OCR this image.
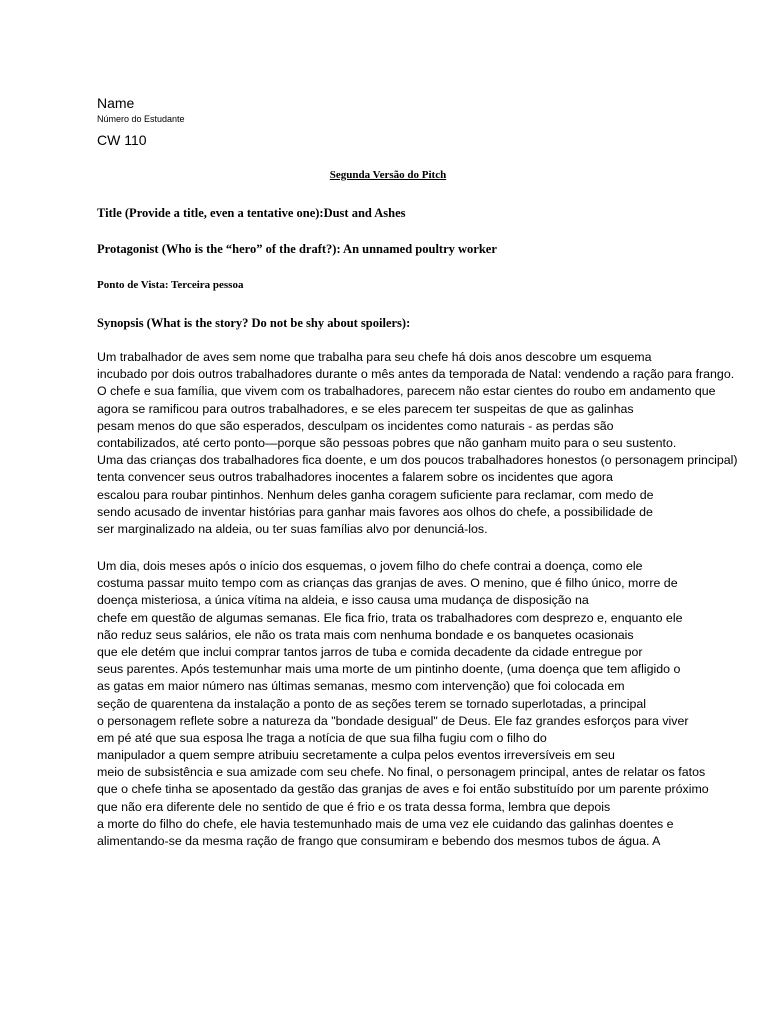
Name
Número do Estudante
CW 110
Segunda Versão do Pitch
Title (Provide a title, even a tentative one):Dust and Ashes
Protagonist (Who is the “hero” of the draft?): An unnamed poultry worker
Ponto de Vista: Terceira pessoa
Synopsis (What is the story? Do not be shy about spoilers):
Um trabalhador de aves sem nome que trabalha para seu chefe há dois anos descobre um esquema
incubado por dois outros trabalhadores durante o mês antes da temporada de Natal: vendendo a ração para frango.
O chefe e sua família, que vivem com os trabalhadores, parecem não estar cientes do roubo em andamento que
agora se ramificou para outros trabalhadores, e se eles parecem ter suspeitas de que as galinhas
pesam menos do que são esperados, desculpam os incidentes como naturais - as perdas são
contabilizados, até certo ponto—porque são pessoas pobres que não ganham muito para o seu sustento.
Uma das crianças dos trabalhadores fica doente, e um dos poucos trabalhadores honestos (o personagem principal)
tenta convencer seus outros trabalhadores inocentes a falarem sobre os incidentes que agora
escalou para roubar pintinhos. Nenhum deles ganha coragem suficiente para reclamar, com medo de
sendo acusado de inventar histórias para ganhar mais favores aos olhos do chefe, a possibilidade de
ser marginalizado na aldeia, ou ter suas famílias alvo por denunciá-los.
Um dia, dois meses após o início dos esquemas, o jovem filho do chefe contrai a doença, como ele
costuma passar muito tempo com as crianças das granjas de aves. O menino, que é filho único, morre de
doença misteriosa, a única vítima na aldeia, e isso causa uma mudança de disposição na
chefe em questão de algumas semanas. Ele fica frio, trata os trabalhadores com desprezo e, enquanto ele
não reduz seus salários, ele não os trata mais com nenhuma bondade e os banquetes ocasionais
que ele detém que inclui comprar tantos jarros de tuba e comida decadente da cidade entregue por
seus parentes. Após testemunhar mais uma morte de um pintinho doente, (uma doença que tem afligido o
as gatas em maior número nas últimas semanas, mesmo com intervenção) que foi colocada em
seção de quarentena da instalação a ponto de as seções terem se tornado superlotadas, a principal
o personagem reflete sobre a natureza da "bondade desigual" de Deus. Ele faz grandes esforços para viver
em pé até que sua esposa lhe traga a notícia de que sua filha fugiu com o filho do
manipulador a quem sempre atribuiu secretamente a culpa pelos eventos irreversíveis em seu
meio de subsistência e sua amizade com seu chefe. No final, o personagem principal, antes de relatar os fatos
que o chefe tinha se aposentado da gestão das granjas de aves e foi então substituído por um parente próximo
que não era diferente dele no sentido de que é frio e os trata dessa forma, lembra que depois
a morte do filho do chefe, ele havia testemunhado mais de uma vez ele cuidando das galinhas doentes e
alimentando-se da mesma ração de frango que consumiram e bebendo dos mesmos tubos de água. A
